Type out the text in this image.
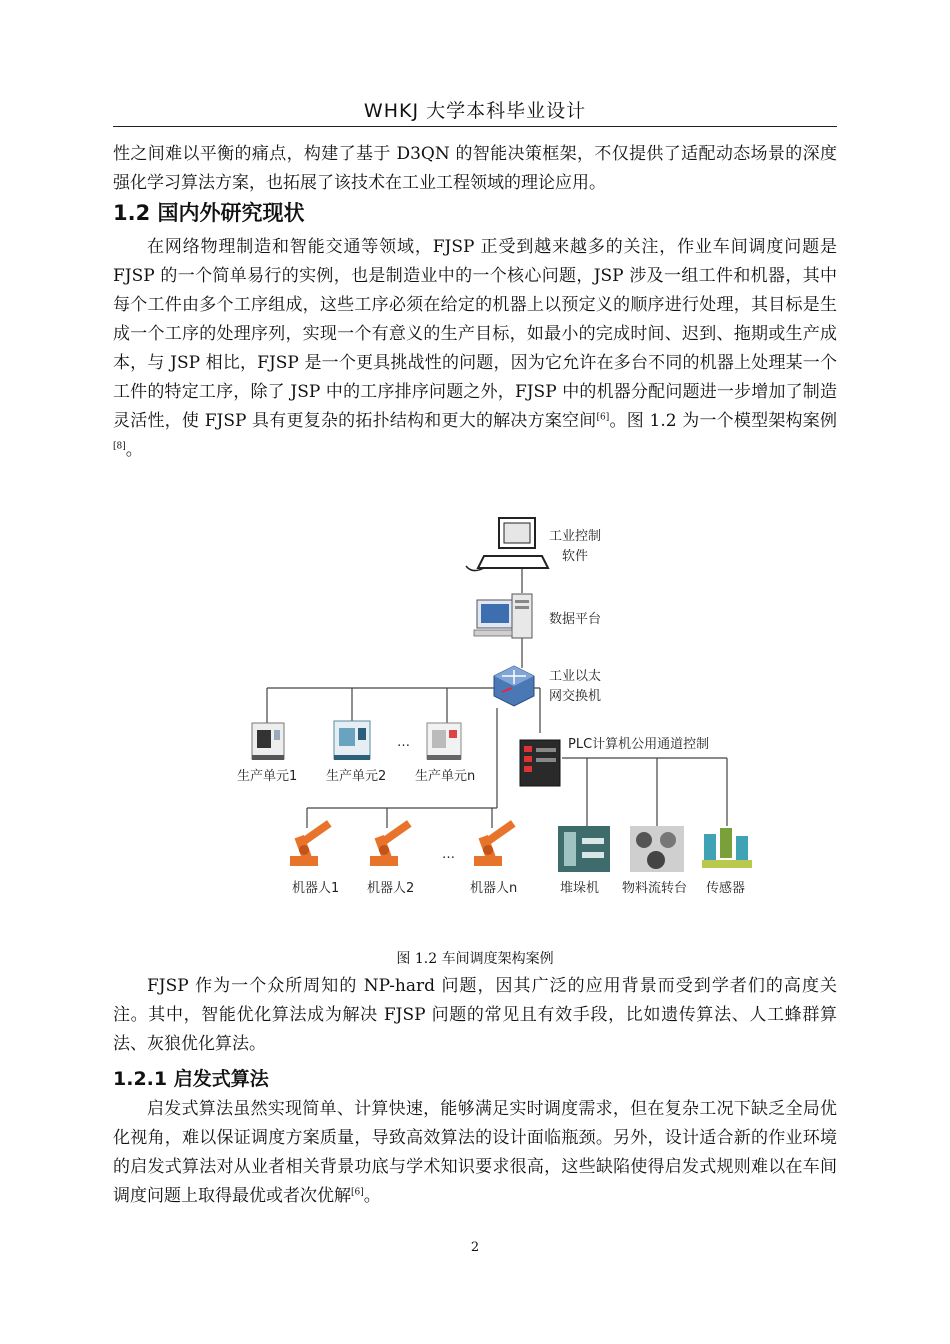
WHKJ 大学本科毕业设计

性之间难以平衡的痛点，构建了基于 D3QN 的智能决策框架，不仅提供了适配动态场景的深度强化学习算法方案，也拓展了该技术在工业工程领域的理论应用。

1.2 国内外研究现状

在网络物理制造和智能交通等领域，FJSP 正受到越来越多的关注，作业车间调度问题是 FJSP 的一个简单易行的实例，也是制造业中的一个核心问题，JSP 涉及一组工件和机器，其中每个工件由多个工序组成，这些工序必须在给定的机器上以预定义的顺序进行处理，其目标是生成一个工序的处理序列，实现一个有意义的生产目标，如最小的完成时间、迟到、拖期或生产成本，与 JSP 相比，FJSP 是一个更具挑战性的问题，因为它允许在多台不同的机器上处理某一个工件的特定工序，除了 JSP 中的工序排序问题之外，FJSP 中的机器分配问题进一步增加了制造灵活性，使 FJSP 具有更复杂的拓扑结构和更大的解决方案空间[6]。图 1.2 为一个模型架构案例[8]。

工业控制
软件
数据平台
工业以太
网交换机
…
生产单元1 生产单元2 生产单元n
PLC计算机公用通道控制
…
机器人1 机器人2	机器人n	堆垛机 物料流转台 传感器
图 1.2 车间调度架构案例

FJSP 作为一个众所周知的 NP-hard 问题，因其广泛的应用背景而受到学者们的高度关注。其中，智能优化算法成为解决 FJSP 问题的常见且有效手段，比如遗传算法、人工蜂群算法、灰狼优化算法。

1.2.1 启发式算法

启发式算法虽然实现简单、计算快速，能够满足实时调度需求，但在复杂工况下缺乏全局优化视角，难以保证调度方案质量，导致高效算法的设计面临瓶颈。另外，设计适合新的作业环境的启发式算法对从业者相关背景功底与学术知识要求很高，这些缺陷使得启发式规则难以在车间调度问题上取得最优或者次优解[6]。

2
